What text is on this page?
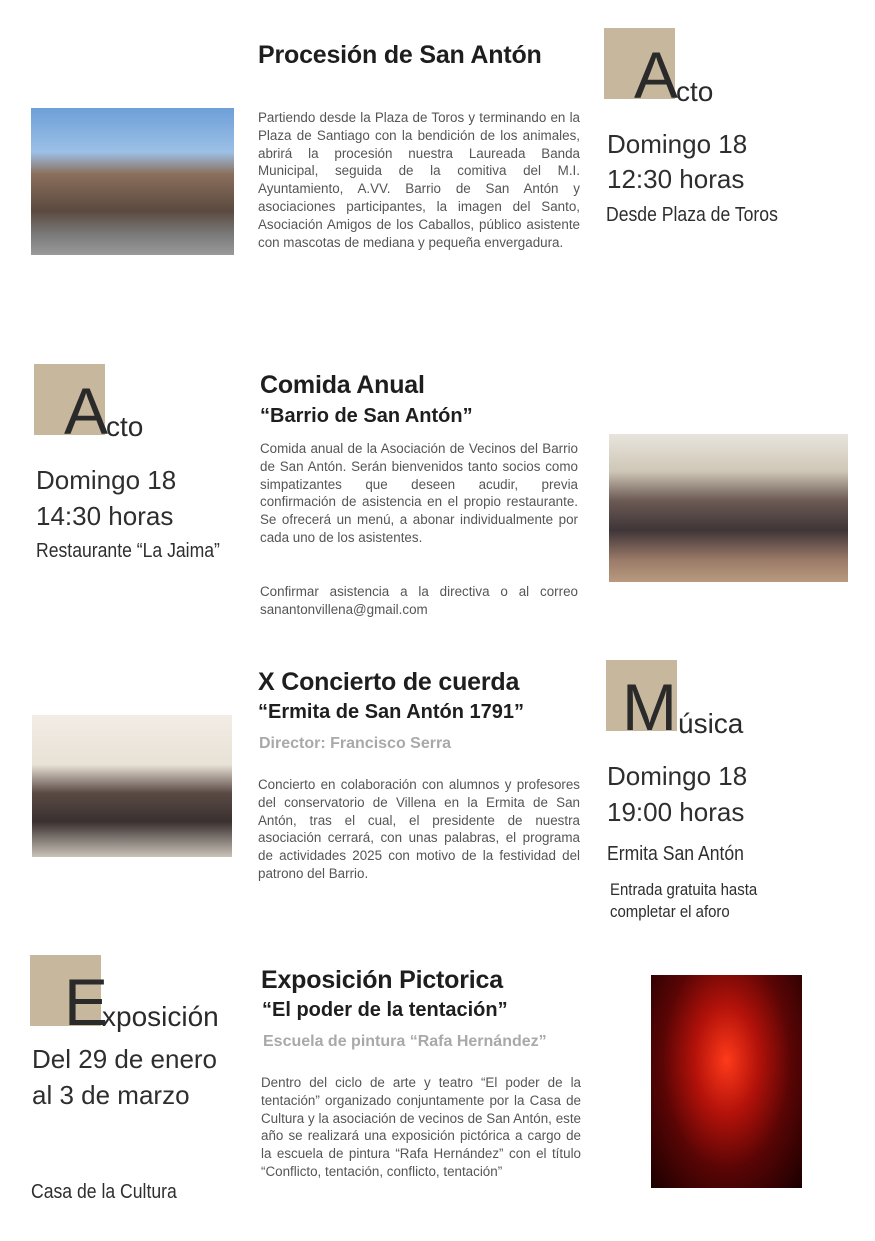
Procesión de San Antón
Partiendo desde la Plaza de Toros y terminando en la Plaza de Santiago con la bendición de los animales, abrirá la procesión nuestra Laureada Banda Municipal, seguida de la comitiva del M.I. Ayuntamiento, A.VV. Barrio de San Antón y asociaciones participantes, la imagen del Santo, Asociación Amigos de los Caballos, público asistente con mascotas de mediana y pequeña envergadura.
A
cto
Domingo 18
12:30 horas
Desde Plaza de Toros
A
cto
Domingo 18
14:30 horas
Restaurante “La Jaima”
Comida Anual
“Barrio de San Antón”
Comida anual de la Asociación de Vecinos del Barrio de San Antón. Serán bienvenidos tanto socios como simpatizantes que deseen acudir, previa confirmación de asistencia en el propio restaurante. Se ofrecerá un menú, a abonar individualmente por cada uno de los asistentes.
Confirmar asistencia a la directiva o al correo sanantonvillena@gmail.com
X Concierto de cuerda
“Ermita de San Antón 1791”
Director: Francisco Serra
Concierto en colaboración con alumnos y profesores del conservatorio de Villena en la Ermita de San Antón, tras el cual, el presidente de nuestra asociación cerrará, con unas palabras, el programa de actividades 2025 con motivo de la festividad del patrono del Barrio.
M úsica
Domingo 18
19:00 horas
Ermita San Antón
Entrada gratuita hasta
completar el aforo
E
xposición
Del 29 de enero
al 3 de marzo
Casa de la Cultura
Exposición Pictorica
“El poder de la tentación”
Escuela de pintura “Rafa Hernández”
Dentro del ciclo de arte y teatro “El poder de la tentación” organizado conjuntamente por la Casa de Cultura y la asociación de vecinos de San Antón, este año se realizará una exposición pictórica a cargo de la escuela de pintura “Rafa Hernández” con el título “Conflicto, tentación, conflicto, tentación”
